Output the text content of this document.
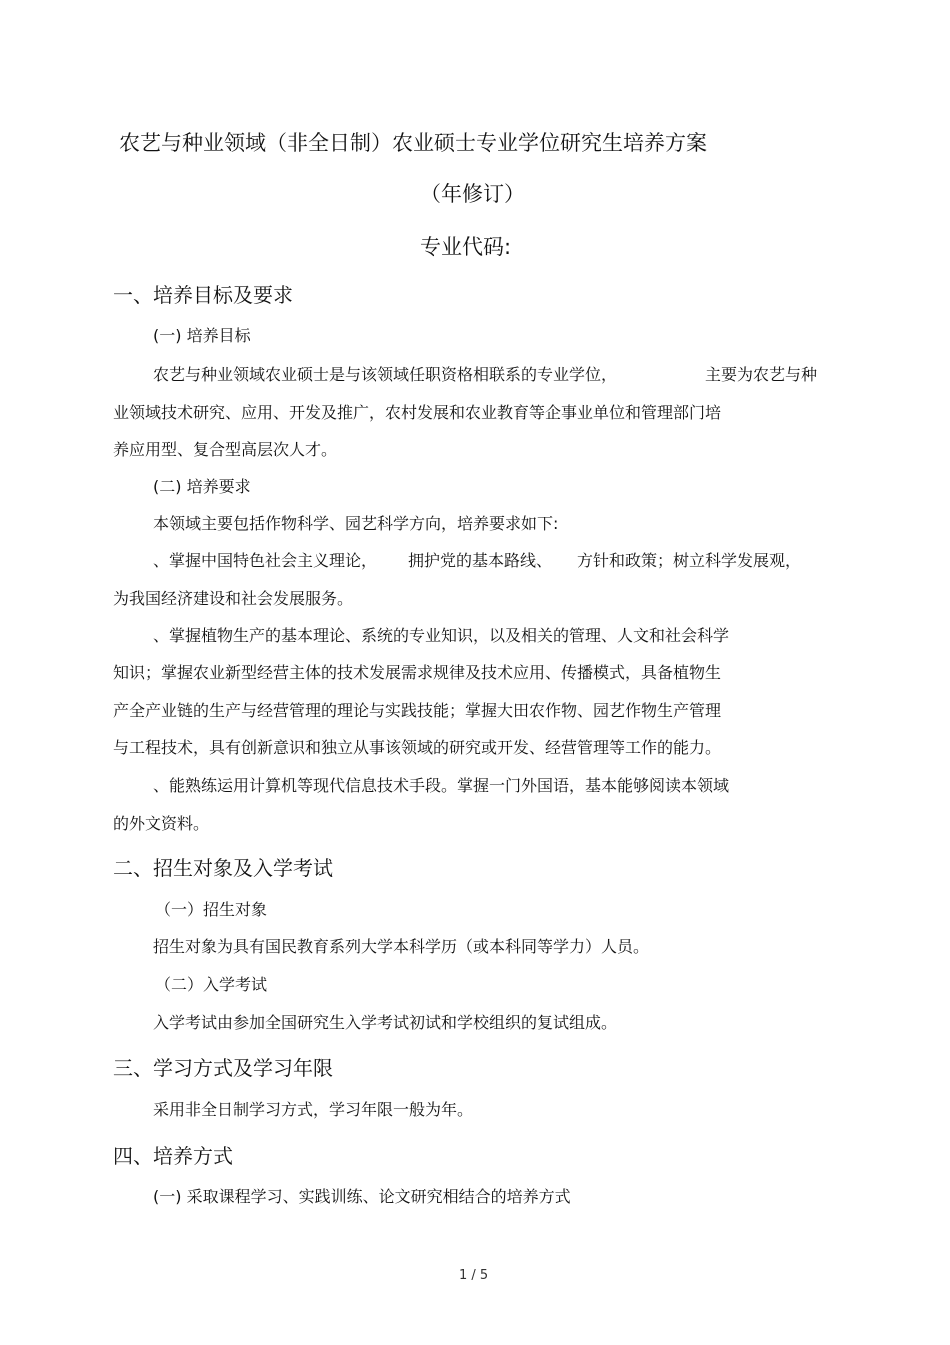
农艺与种业领域（非全日制）农业硕士专业学位研究生培养方案
（年修订）
专业代码:
一、培养目标及要求
(一) 培养目标
农艺与种业领域农业硕士是与该领域任职资格相联系的专业学位，	主要为农艺与种
业领域技术研究、应用、开发及推广，农村发展和农业教育等企事业单位和管理部门培
养应用型、复合型高层次人才。
(二) 培养要求
本领域主要包括作物科学、园艺科学方向，培养要求如下:
、掌握中国特色社会主义理论， 拥护党的基本路线、 方针和政策；树立科学发展观，
为我国经济建设和社会发展服务。
、掌握植物生产的基本理论、系统的专业知识，以及相关的管理、人文和社会科学
知识；掌握农业新型经营主体的技术发展需求规律及技术应用、传播模式，具备植物生
产全产业链的生产与经营管理的理论与实践技能；掌握大田农作物、园艺作物生产管理
与工程技术，具有创新意识和独立从事该领域的研究或开发、经营管理等工作的能力。
、能熟练运用计算机等现代信息技术手段。掌握一门外国语，基本能够阅读本领域
的外文资料。
二、招生对象及入学考试
（一）招生对象
招生对象为具有国民教育系列大学本科学历（或本科同等学力）人员。
（二）入学考试
入学考试由参加全国研究生入学考试初试和学校组织的复试组成。
三、学习方式及学习年限
采用非全日制学习方式，学习年限一般为年。
四、培养方式
(一) 采取课程学习、实践训练、论文研究相结合的培养方式
1 / 5
